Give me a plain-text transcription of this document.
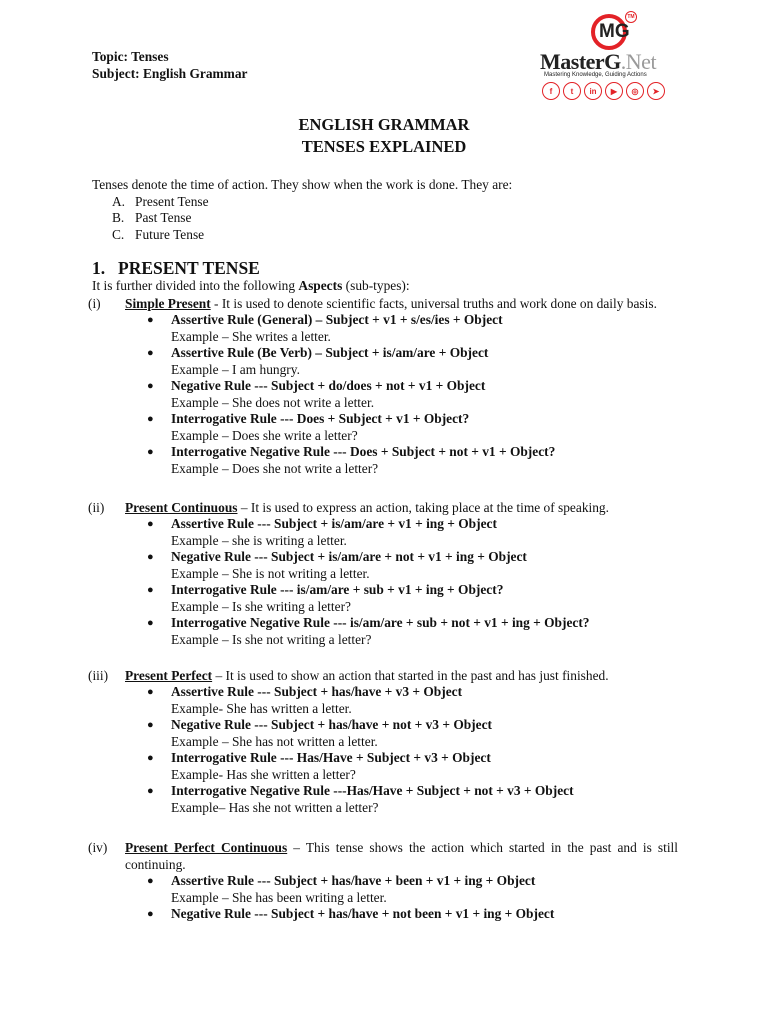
Topic: Tenses
Subject: English Grammar
MG
TM
MasterG.Net
Mastering Knowledge, Guiding Actions
f	t	in	▶	◎	➤
ENGLISH GRAMMAR
TENSES EXPLAINED
Tenses denote the time of action. They show when the work is done. They are:
A. Present Tense
B. Past Tense
C. Future Tense
1. PRESENT TENSE
It is further divided into the following Aspects (sub-types):
(i)	Simple Present - It is used to denote scientific facts, universal truths and work done on daily basis.
●	Assertive Rule (General) – Subject + v1 + s/es/ies + Object
Example – She writes a letter.
●	Assertive Rule (Be Verb) – Subject + is/am/are + Object
Example – I am hungry.
●	Negative Rule --- Subject + do/does + not + v1 + Object
Example – She does not write a letter.
●	Interrogative Rule --- Does + Subject + v1 + Object?
Example – Does she write a letter?
●	Interrogative Negative Rule --- Does + Subject + not + v1 + Object?
Example – Does she not write a letter?
(ii)	Present Continuous – It is used to express an action, taking place at the time of speaking.
●	Assertive Rule --- Subject + is/am/are + v1 + ing + Object
Example – she is writing a letter.
●	Negative Rule --- Subject + is/am/are + not + v1 + ing + Object
Example – She is not writing a letter.
●	Interrogative Rule --- is/am/are + sub + v1 + ing + Object?
Example – Is she writing a letter?
●	Interrogative Negative Rule --- is/am/are + sub + not + v1 + ing + Object?
Example – Is she not writing a letter?
(iii)	Present Perfect – It is used to show an action that started in the past and has just finished.
●	Assertive Rule --- Subject + has/have + v3 + Object
Example- She has written a letter.
●	Negative Rule --- Subject + has/have + not + v3 + Object
Example – She has not written a letter.
●	Interrogative Rule --- Has/Have + Subject + v3 + Object
Example- Has she written a letter?
●	Interrogative Negative Rule ---Has/Have + Subject + not + v3 + Object
Example– Has she not written a letter?
(iv)	Present Perfect Continuous – This tense shows the action which started in the past and is still continuing.
●	Assertive Rule --- Subject + has/have + been + v1 + ing + Object
Example – She has been writing a letter.
●	Negative Rule --- Subject + has/have + not been + v1 + ing + Object
